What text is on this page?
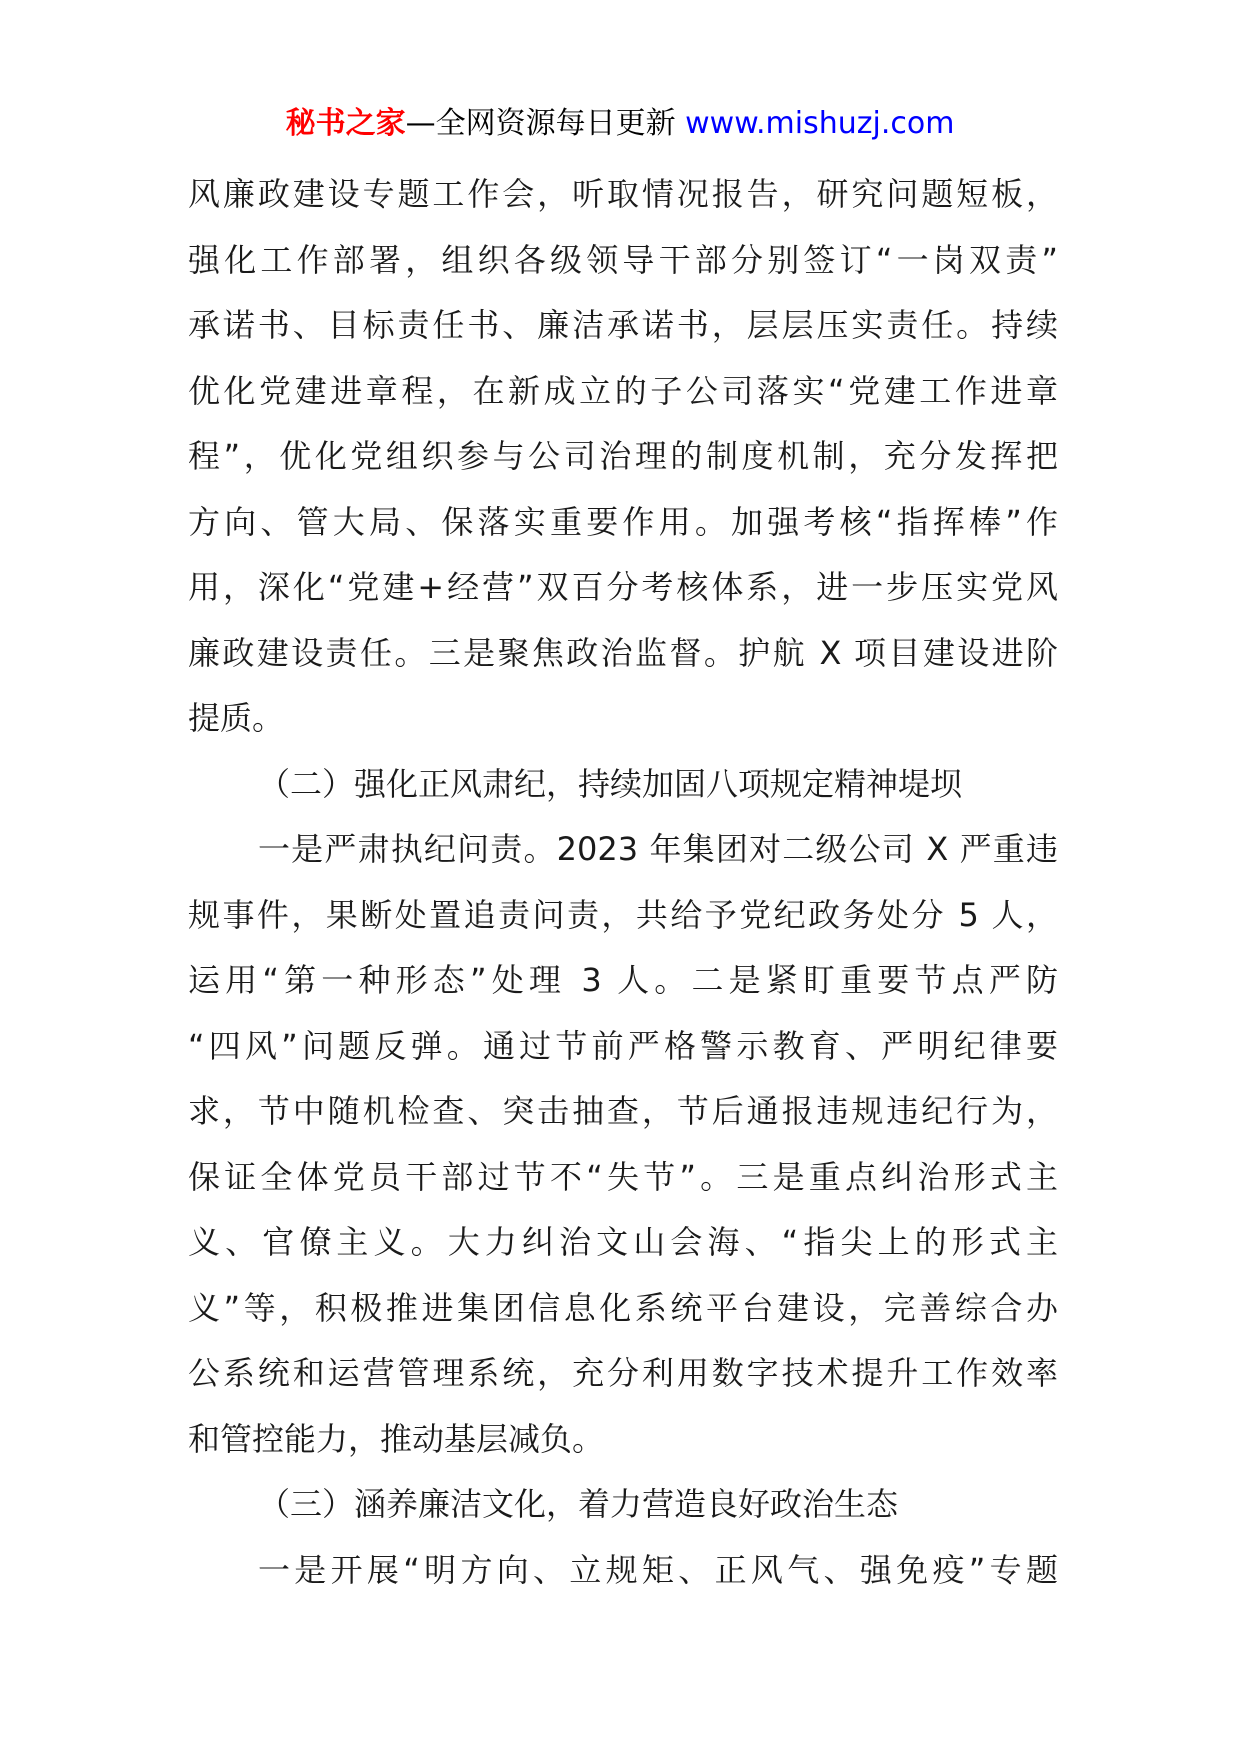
秘书之家—全网资源每日更新 www.mishuzj.com
风廉政建设专题工作会，听取情况报告，研究问题短板，
强化工作部署，组织各级领导干部分别签订“一岗双责”
承诺书、目标责任书、廉洁承诺书，层层压实责任。持续
优化党建进章程，在新成立的子公司落实“党建工作进章
程”，优化党组织参与公司治理的制度机制，充分发挥把
方向、管大局、保落实重要作用。加强考核“指挥棒”作
用，深化“党建+经营”双百分考核体系，进一步压实党风
廉政建设责任。三是聚焦政治监督。护航 X 项目建设进阶
提质。
（二）强化正风肃纪，持续加固八项规定精神堤坝
一是严肃执纪问责。2023 年集团对二级公司 X 严重违
规事件，果断处置追责问责，共给予党纪政务处分 5 人，
运用“第一种形态”处理 3 人。二是紧盯重要节点严防
“四风”问题反弹。通过节前严格警示教育、严明纪律要
求，节中随机检查、突击抽查，节后通报违规违纪行为，
保证全体党员干部过节不“失节”。三是重点纠治形式主
义、官僚主义。大力纠治文山会海、“指尖上的形式主
义”等，积极推进集团信息化系统平台建设，完善综合办
公系统和运营管理系统，充分利用数字技术提升工作效率
和管控能力，推动基层减负。
（三）涵养廉洁文化，着力营造良好政治生态
一是开展“明方向、立规矩、正风气、强免疫”专题
